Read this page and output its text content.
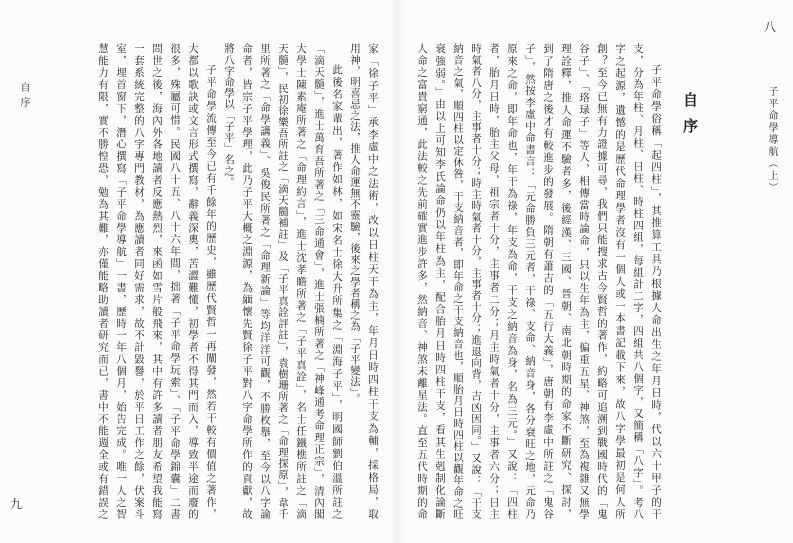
八
子平命學導航（上）
自序
子平命學俗稱「起四柱」，其推算工具乃根據人命出生之年月日時，代以六十甲子的干
支，分為年柱、月柱、日柱、時柱四組，每組計二字，四組共八個字，又簡稱「八字」。考八
字之起源，遺憾的是歷代命理學者沒有一個人或一本書記載下來，故八字學最初是何人所
創？至今已無有力證據可尋，我們只能搜求古今賢哲的著作，約略可追溯到戰國時代的「鬼
谷子」、「珞琭子」等人，相傳當時論命，只以生年為主，偏重五星、神煞，至為複雜又無學
理詮釋，推人命運不驗者多，後經漢、三國、晉朝、南北朝時期的命家不斷研究、探討，
到了隋唐之後才有較進步的發展。隋朝有蕭吉的「五行大義」，唐朝有李虛中所註之「鬼谷
子」，然按李虛中命書言：「元命勝負三元者，干祿、支命、納音身，各分衰旺之地，元命乃
原來之命，即年命也，年干為祿，年支為命，干支之納音為身，名為三元。」又說：「四柱
者，胎月日時，胎主父母，祖宗者十分，主事者二分；月主時氣者十分，主事者六分；日主
時氣者八分，主事者十分；時主時氣者十分，主事者十分；進退向背，吉凶因同。」又說：「干支
納音之氣，順四柱以定休咎，干支納音者，即年命之干支納音也，順胎月日時四柱以觀年命之旺
衰強弱。」由以上可知李氏論命仍以年柱為主，配合胎月日時四柱干支，看其生剋制化論斷
人命之富貴窮通，此法較之先前確實進步許多，然納音、神煞未離星法。直至五代時期的命
自序
九	家「徐子平」承李虛中之法術，改以日柱天干為主，年月日時四柱干支為輔，採格局，取
用神，明喜忌之法，推人命運無不靈驗，後來之學者稱之為「子平變法」。
此後名家輩出，著作如林，如宋名士徐大升所集之「淵海子平」，明國師劉伯溫所註之
「滴天髓」，進士萬育吾所著之「三命通會」，進士張楠所著之「神峰通考命理正宗」，清內閣
大學士陳素庵所著之「命理約言」，進士沈孝瞻所著之「子平真詮」，名士任鐵樵所註之「滴
天髓」，民初徐樂吾所註之「滴天髓補註」及「子平真詮評註」，袁樹珊所著之「命理探原」，韋千
里所著之「命學講義」、吳俊民所著之「命理新論」等均洋洋可觀，不勝枚舉，至今以八字論
命者，皆宗子平學理，此乃子平大概之淵源，為緬懷先賢徐子平對八字命學所作的貢獻，故
將八字命學以「子平」名之。
子平命學流傳至今已有千餘年的歷史，雖歷代賢哲一再闡發，然若干較有價值之著作，
大都以歌訣或文言形式撰寫，辭義深奧，苦澀難懂，初學者不得其門而入，導致半途而廢的
很多，殊屬可惜。民國八十五、八十六年間，拙著「子平命學玩索」、「子平命學錦囊」二書
問世之後，海內外各地讀者反應熱烈，來函如雪片般飛來，其中有許多讀者朋友希望我能寫
一套系統完整的八字專門教材，為應讀者同好需求，故不計毀譽，於平日工作之餘，伏案斗
室，埋首窗下，潛心撰寫「子平命學導航」一書，歷時一年八個月，始告完成。唯一人之智
慧能力有限，實不勝惶恐，勉為其難，亦僅能略助讀者研究而已，書中不能週全或有錯誤之
